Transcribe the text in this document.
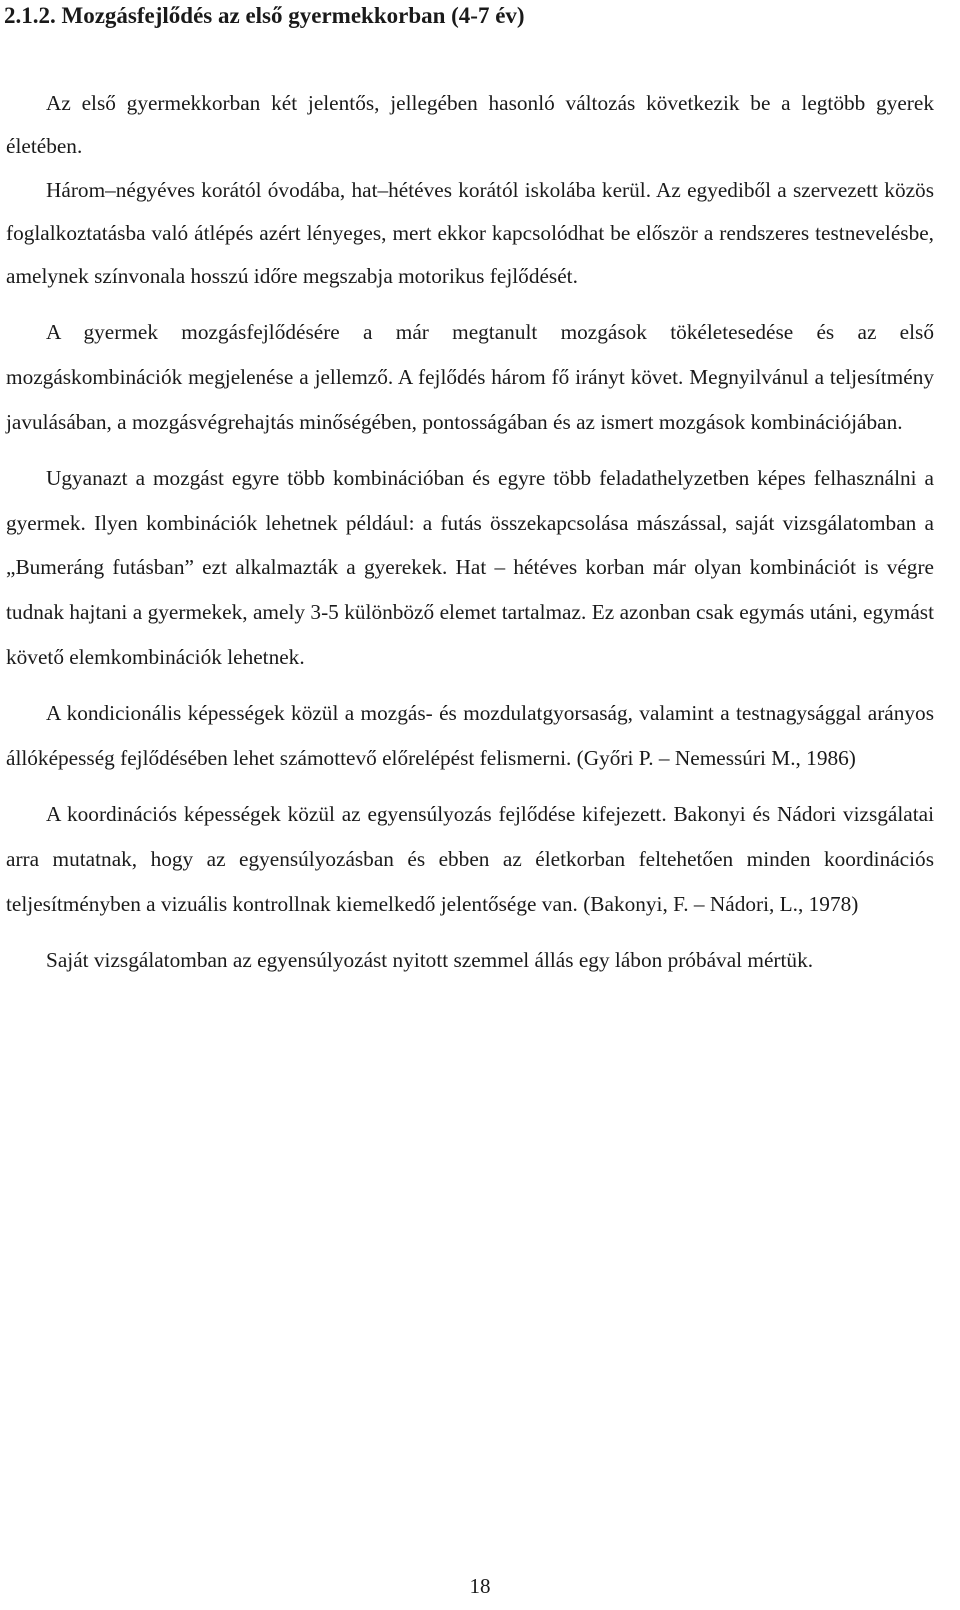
2.1.2. Mozgásfejlődés az első gyermekkorban (4-7 év)

Az első gyermekkorban két jelentős, jellegében hasonló változás következik be a legtöbb gyerek életében.

Három–négyéves korától óvodába, hat–hétéves korától iskolába kerül. Az egyediből a szervezett közös foglalkoztatásba való átlépés azért lényeges, mert ekkor kapcsolódhat be először a rendszeres testnevelésbe, amelynek színvonala hosszú időre megszabja motorikus fejlődését.

A gyermek mozgásfejlődésére a már megtanult mozgások tökéletesedése és az első mozgáskombinációk megjelenése a jellemző. A fejlődés három fő irányt követ. Megnyilvánul a teljesítmény javulásában, a mozgásvégrehajtás minőségében, pontosságában és az ismert mozgások kombinációjában.

Ugyanazt a mozgást egyre több kombinációban és egyre több feladathelyzetben képes felhasználni a gyermek. Ilyen kombinációk lehetnek például: a futás összekapcsolása mászással, saját vizsgálatomban a „Bumeráng futásban” ezt alkalmazták a gyerekek. Hat – hétéves korban már olyan kombinációt is végre tudnak hajtani a gyermekek, amely 3-5 különböző elemet tartalmaz. Ez azonban csak egymás utáni, egymást követő elemkombinációk lehetnek.

A kondicionális képességek közül a mozgás- és mozdulatgyorsaság, valamint a testnagysággal arányos állóképesség fejlődésében lehet számottevő előrelépést felismerni. (Győri P. – Nemessúri M., 1986)

A koordinációs képességek közül az egyensúlyozás fejlődése kifejezett. Bakonyi és Nádori vizsgálatai arra mutatnak, hogy az egyensúlyozásban és ebben az életkorban feltehetően minden koordinációs teljesítményben a vizuális kontrollnak kiemelkedő jelentősége van. (Bakonyi, F. – Nádori, L., 1978)

Saját vizsgálatomban az egyensúlyozást nyitott szemmel állás egy lábon próbával mértük.

18
